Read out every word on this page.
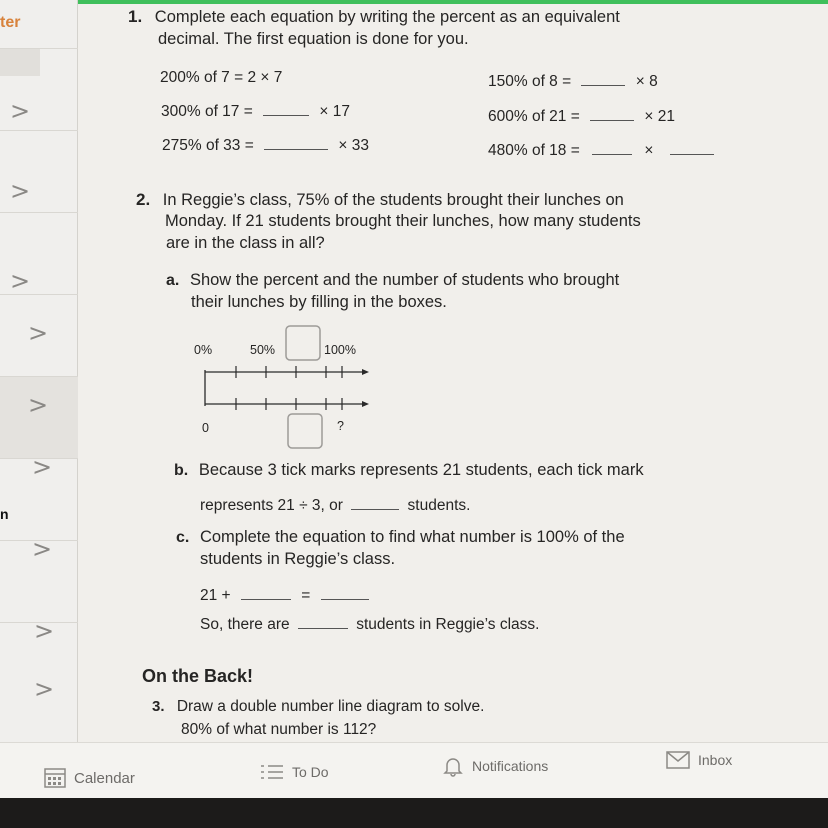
ter
>
>
>
>
>
>
>
>
>
n
1. Complete each equation by writing the percent as an equivalent
decimal. The first equation is done for you.
200% of 7 = 2 × 7	150% of 8 =	× 8
300% of 17 =	× 17	600% of 21 =	× 21
275% of 33 =	× 33	480% of 18 =	×
2. In Reggie’s class, 75% of the students brought their lunches on
Monday. If 21 students brought their lunches, how many students
are in the class in all?
a. Show the percent and the number of students who brought
their lunches by filling in the boxes.
0%	50%	100%
0	?
b. Because 3 tick marks represents 21 students, each tick mark
represents 21 ÷ 3, or	students.
c. Complete the equation to find what number is 100% of the
students in Reggie’s class.
21 +	=
So, there are	students in Reggie’s class.
On the Back!
3. Draw a double number line diagram to solve.
80% of what number is 112?
Calendar	To Do	Notifications	Inbox
